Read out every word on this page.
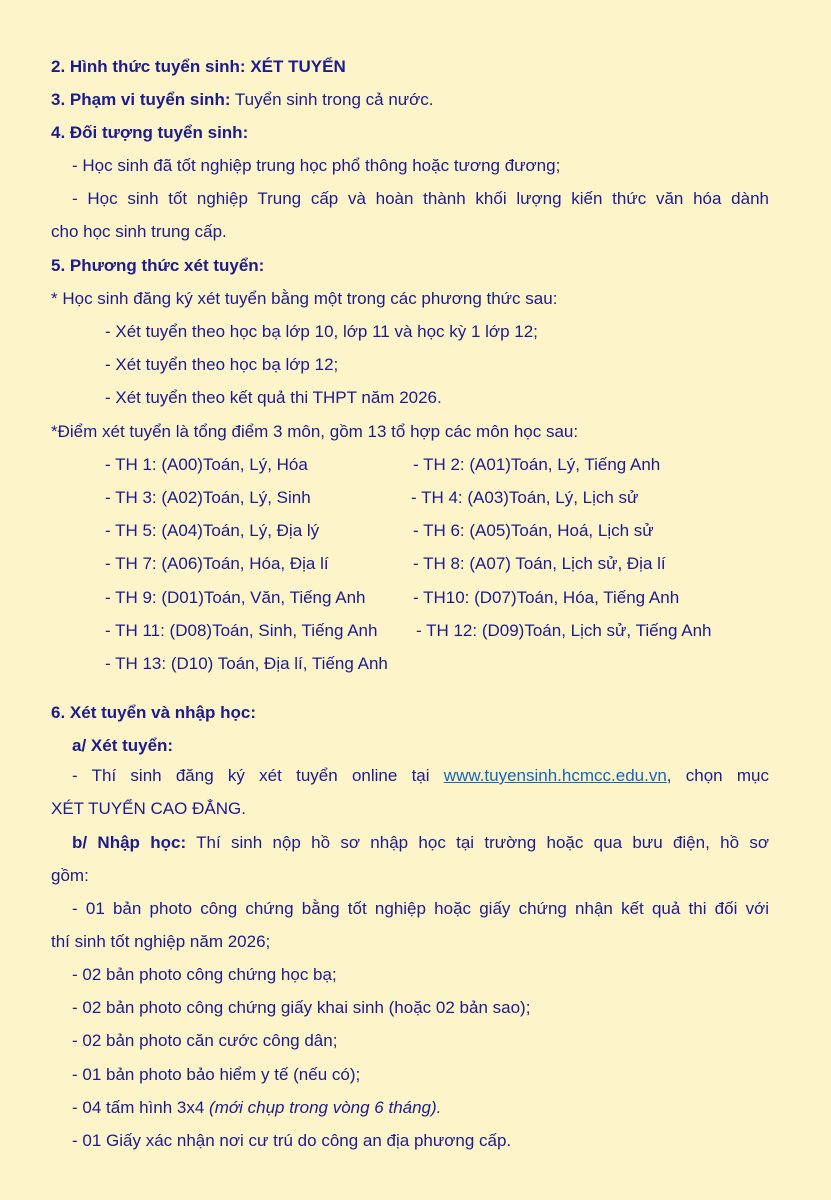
2. Hình thức tuyển sinh: XÉT TUYỂN
3. Phạm vi tuyển sinh: Tuyển sinh trong cả nước.
4. Đối tượng tuyển sinh:
- Học sinh đã tốt nghiệp trung học phổ thông hoặc tương đương;
- Học sinh tốt nghiệp Trung cấp và hoàn thành khối lượng kiến thức văn hóa dành
cho học sinh trung cấp.
5. Phương thức xét tuyển:
* Học sinh đăng ký xét tuyển bằng một trong các phương thức sau:
- Xét tuyển theo học bạ lớp 10, lớp 11 và học kỳ 1 lớp 12;
- Xét tuyển theo học bạ lớp 12;
- Xét tuyển theo kết quả thi THPT năm 2026.
*Điểm xét tuyển là tổng điểm 3 môn, gồm 13 tổ hợp các môn học sau:
- TH 1: (A00)Toán, Lý, Hóa	- TH 2: (A01)Toán, Lý, Tiếng Anh
- TH 3: (A02)Toán, Lý, Sinh	- TH 4: (A03)Toán, Lý, Lịch sử
- TH 5: (A04)Toán, Lý, Địa lý	- TH 6: (A05)Toán, Hoá, Lịch sử
- TH 7: (A06)Toán, Hóa, Địa lí	- TH 8: (A07) Toán, Lịch sử, Địa lí
- TH 9: (D01)Toán, Văn, Tiếng Anh	- TH10: (D07)Toán, Hóa, Tiếng Anh
- TH 11: (D08)Toán, Sinh, Tiếng Anh - TH 12: (D09)Toán, Lịch sử, Tiếng Anh
- TH 13: (D10) Toán, Địa lí, Tiếng Anh
6. Xét tuyển và nhập học:
a/ Xét tuyển:
- Thí sinh đăng ký xét tuyển online tại www.tuyensinh.hcmcc.edu.vn, chọn mục
XÉT TUYỂN CAO ĐẲNG.
b/ Nhập học: Thí sinh nộp hồ sơ nhập học tại trường hoặc qua bưu điện, hồ sơ
gồm:
- 01 bản photo công chứng bằng tốt nghiệp hoặc giấy chứng nhận kết quả thi đối với
thí sinh tốt nghiệp năm 2026;
- 02 bản photo công chứng học bạ;
- 02 bản photo công chứng giấy khai sinh (hoặc 02 bản sao);
- 02 bản photo căn cước công dân;
- 01 bản photo bảo hiểm y tế (nếu có);
- 04 tấm hình 3x4 (mới chụp trong vòng 6 tháng).
- 01 Giấy xác nhận nơi cư trú do công an địa phương cấp.
